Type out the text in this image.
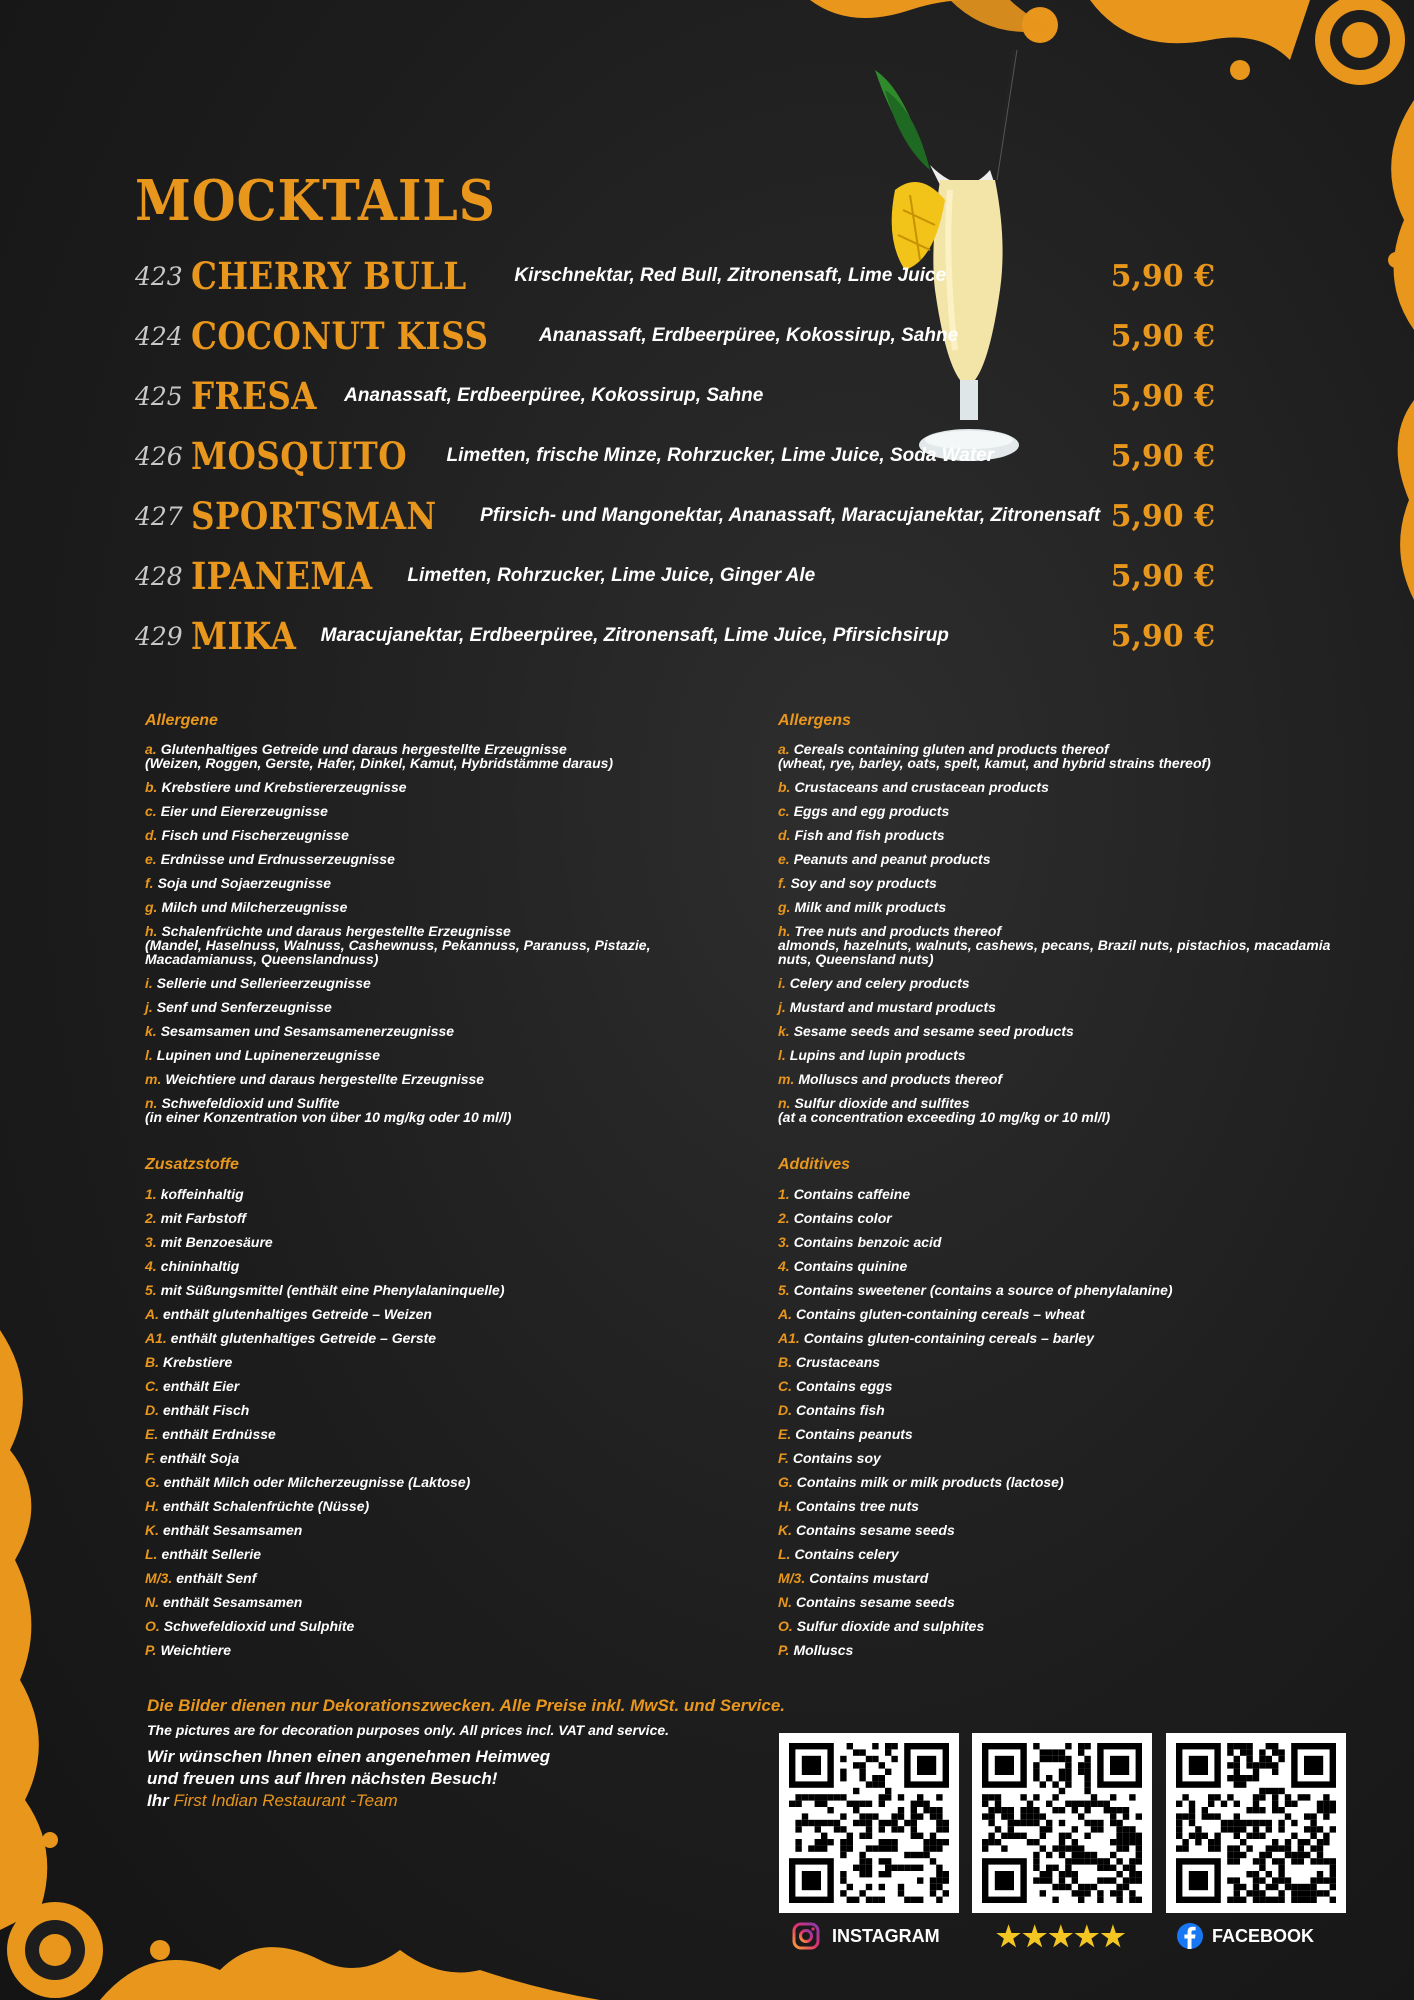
MOCKTAILS
423 CHERRY BULL	Kirschnektar, Red Bull, Zitronensaft, Lime Juice	5,90 €
424 COCONUT KISS	Ananassaft, Erdbeerpüree, Kokossirup, Sahne	5,90 €
425 FRESA Ananassaft, Erdbeerpüree, Kokossirup, Sahne	5,90 €
426 MOSQUITO Limetten, frische Minze, Rohrzucker, Lime Juice, Soda Water	5,90 €
427 SPORTSMAN Pfirsich- und Mangonektar, Ananassaft, Maracujanektar, Zitronensaft 5,90 €
428 IPANEMA Limetten, Rohrzucker, Lime Juice, Ginger Ale	5,90 €
429 MIKA Maracujanektar, Erdbeerpüree, Zitronensaft, Lime Juice, Pfirsichsirup	5,90 €
Allergene
a. Glutenhaltiges Getreide und daraus hergestellte Erzeugnisse
(Weizen, Roggen, Gerste, Hafer, Dinkel, Kamut, Hybridstämme daraus)
b. Krebstiere und Krebstiererzeugnisse
c. Eier und Eiererzeugnisse
d. Fisch und Fischerzeugnisse
e. Erdnüsse und Erdnusserzeugnisse
f. Soja und Sojaerzeugnisse
g. Milch und Milcherzeugnisse
h. Schalenfrüchte und daraus hergestellte Erzeugnisse
(Mandel, Haselnuss, Walnuss, Cashewnuss, Pekannuss, Paranuss, Pistazie, Macadamianuss, Queenslandnuss)
i. Sellerie und Sellerieerzeugnisse
j. Senf und Senferzeugnisse
k. Sesamsamen und Sesamsamenerzeugnisse
l. Lupinen und Lupinenerzeugnisse
m. Weichtiere und daraus hergestellte Erzeugnisse
n. Schwefeldioxid und Sulfite
(in einer Konzentration von über 10 mg/kg oder 10 ml/l)
Allergens
a. Cereals containing gluten and products thereof
(wheat, rye, barley, oats, spelt, kamut, and hybrid strains thereof)
b. Crustaceans and crustacean products
c. Eggs and egg products
d. Fish and fish products
e. Peanuts and peanut products
f. Soy and soy products
g. Milk and milk products
h. Tree nuts and products thereof
almonds, hazelnuts, walnuts, cashews, pecans, Brazil nuts, pistachios, macadamia nuts, Queensland nuts)
i. Celery and celery products
j. Mustard and mustard products
k. Sesame seeds and sesame seed products
l. Lupins and lupin products
m. Molluscs and products thereof
n. Sulfur dioxide and sulfites
(at a concentration exceeding 10 mg/kg or 10 ml/l)
Zusatzstoffe
1. koffeinhaltig
2. mit Farbstoff
3. mit Benzoesäure
4. chininhaltig
5. mit Süßungsmittel (enthält eine Phenylalaninquelle)
A. enthält glutenhaltiges Getreide – Weizen
A1. enthält glutenhaltiges Getreide – Gerste
B. Krebstiere
C. enthält Eier
D. enthält Fisch
E. enthält Erdnüsse
F. enthält Soja
G. enthält Milch oder Milcherzeugnisse (Laktose)
H. enthält Schalenfrüchte (Nüsse)
K. enthält Sesamsamen
L. enthält Sellerie
M/3. enthält Senf
N. enthält Sesamsamen
O. Schwefeldioxid und Sulphite
P. Weichtiere
Additives
1. Contains caffeine
2. Contains color
3. Contains benzoic acid
4. Contains quinine
5. Contains sweetener (contains a source of phenylalanine)
A. Contains gluten-containing cereals – wheat
A1. Contains gluten-containing cereals – barley
B. Crustaceans
C. Contains eggs
D. Contains fish
E. Contains peanuts
F. Contains soy
G. Contains milk or milk products (lactose)
H. Contains tree nuts
K. Contains sesame seeds
L. Contains celery
M/3. Contains mustard
N. Contains sesame seeds
O. Sulfur dioxide and sulphites
P. Molluscs
Die Bilder dienen nur Dekorationszwecken. Alle Preise inkl. MwSt. und Service.
The pictures are for decoration purposes only. All prices incl. VAT and service.
Wir wünschen Ihnen einen angenehmen Heimweg
und freuen uns auf Ihren nächsten Besuch!
Ihr First Indian Restaurant -Team
INSTAGRAM ★★★★★	FACEBOOK
